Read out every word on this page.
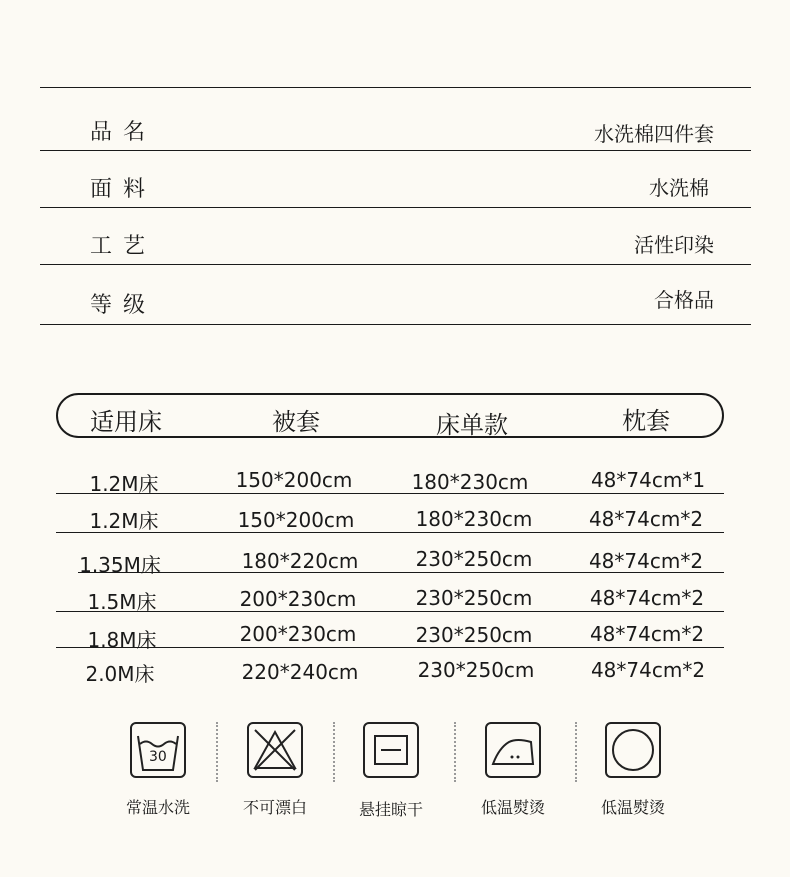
品名	水洗棉四件套
面料	水洗棉
工艺	活性印染
等级	合格品
适用床	被套	床单款	枕套
1.2M床	150*200cm	180*230cm	48*74cm*1
1.2M床	150*200cm	180*230cm	48*74cm*2
1.35M床	180*220cm	230*250cm	48*74cm*2
1.5M床	200*230cm	230*250cm	48*74cm*2
1.8M床	200*230cm	230*250cm	48*74cm*2
2.0M床	220*240cm	230*250cm	48*74cm*2
30
常温水洗	不可漂白	悬挂晾干	低温熨烫	低温熨烫
